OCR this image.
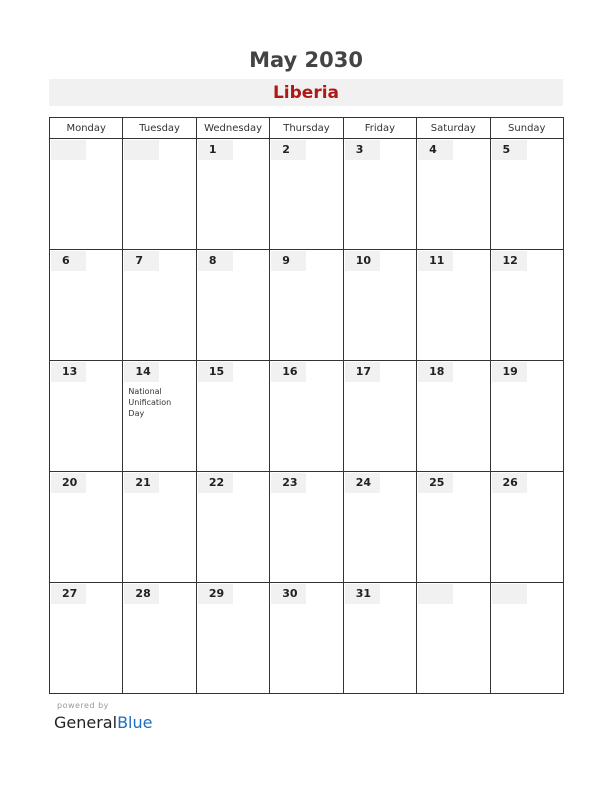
May 2030
Liberia
Monday	Tuesday	Wednesday	Thursday	Friday	Saturday	Sunday

		1	2	3	4	5

6	7	8	9	10	11	12

13	14
National
Unification
Day	15	16	17	18	19

20	21	22	23	24	25	26

27	28	29	30	31		

powered by
GeneralBlue
